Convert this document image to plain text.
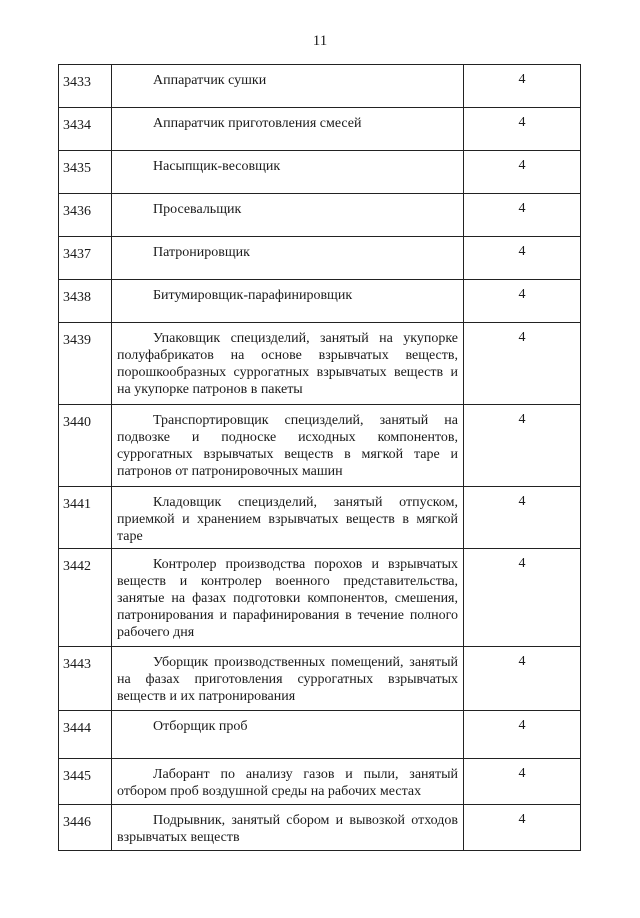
11
3433	Аппаратчик сушки	4
3434	Аппаратчик приготовления смесей	4
3435	Насыпщик-весовщик	4
3436	Просевальщик	4
3437	Патронировщик	4
3438	Битумировщик-парафинировщик	4
3439	Упаковщик специзделий, занятый на укупорке полуфабрикатов на основе взрывчатых веществ, порошкообразных суррогатных взрывчатых веществ и на укупорке патронов в пакеты	4
3440	Транспортировщик специзделий, занятый на подвозке и подноске исходных компонентов, суррогатных взрывчатых веществ в мягкой таре и патронов от патронировочных машин	4
3441	Кладовщик специзделий, занятый отпуском, приемкой и хранением взрывчатых веществ в мягкой таре	4
3442	Контролер производства порохов и взрывчатых веществ и контролер военного представительства, занятые на фазах подготовки компонентов, смешения, патронирования и парафинирования в течение полного рабочего дня	4
3443	Уборщик производственных помещений, занятый на фазах приготовления суррогатных взрывчатых веществ и их патронирования	4
3444	Отборщик проб	4
3445	Лаборант по анализу газов и пыли, занятый отбором проб воздушной среды на рабочих местах	4
3446	Подрывник, занятый сбором и вывозкой отходов взрывчатых веществ	4
